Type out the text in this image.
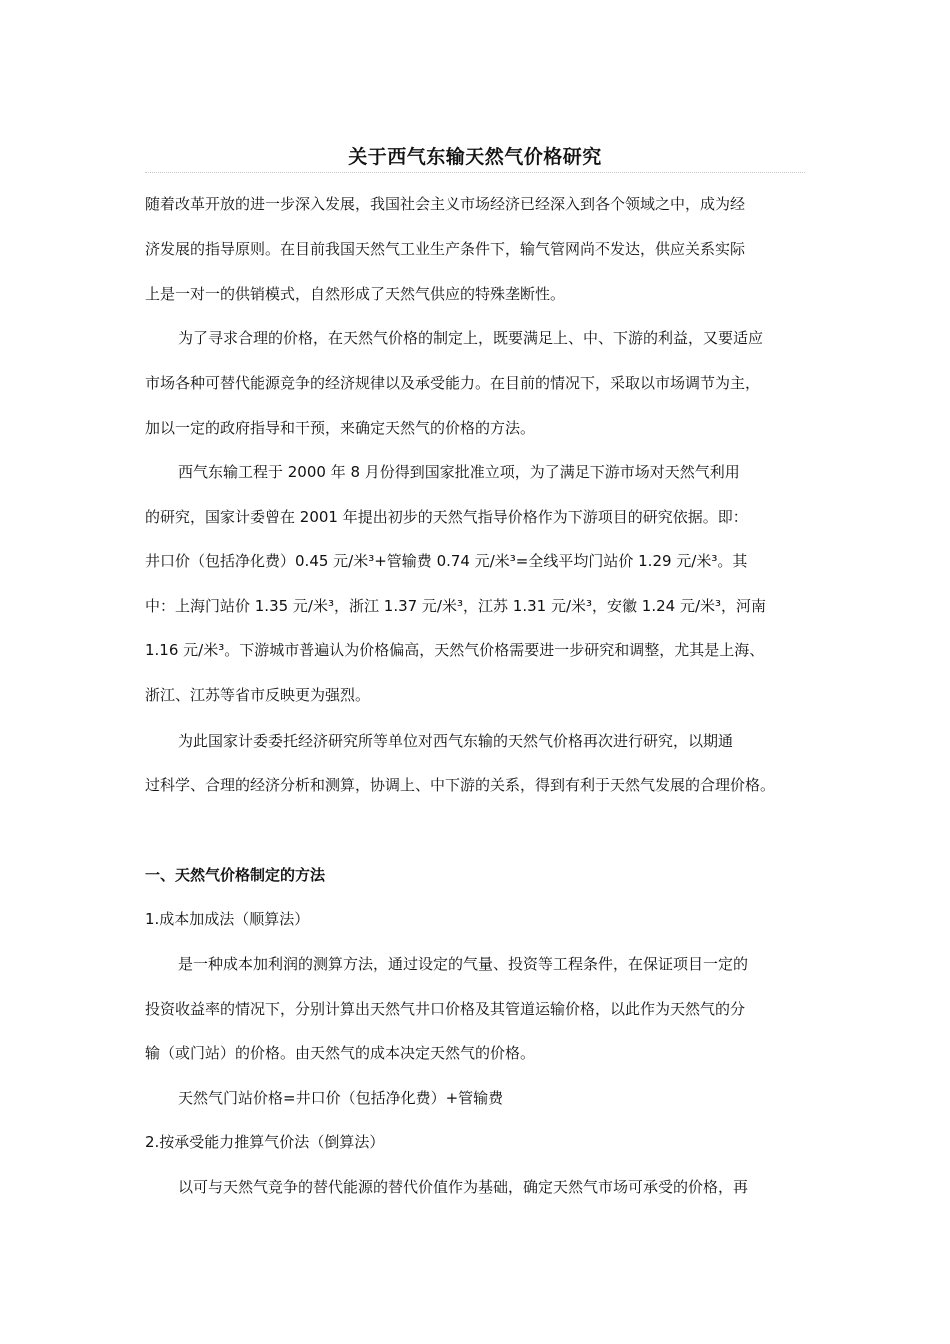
关于西气东输天然气价格研究
随着改革开放的进一步深入发展，我国社会主义市场经济已经深入到各个领域之中，成为经
济发展的指导原则。在目前我国天然气工业生产条件下，输气管网尚不发达，供应关系实际
上是一对一的供销模式，自然形成了天然气供应的特殊垄断性。
为了寻求合理的价格，在天然气价格的制定上，既要满足上、中、下游的利益，又要适应
市场各种可替代能源竞争的经济规律以及承受能力。在目前的情况下，采取以市场调节为主，
加以一定的政府指导和干预，来确定天然气的价格的方法。
西气东输工程于 2000 年 8 月份得到国家批准立项，为了满足下游市场对天然气利用
的研究，国家计委曾在 2001 年提出初步的天然气指导价格作为下游项目的研究依据。即：
井口价（包括净化费）0.45 元/米³+管输费 0.74 元/米³=全线平均门站价 1.29 元/米³。其
中：上海门站价 1.35 元/米³，浙江 1.37 元/米³，江苏 1.31 元/米³，安徽 1.24 元/米³，河南
1.16 元/米³。下游城市普遍认为价格偏高，天然气价格需要进一步研究和调整，尤其是上海、
浙江、江苏等省市反映更为强烈。
为此国家计委委托经济研究所等单位对西气东输的天然气价格再次进行研究，以期通
过科学、合理的经济分析和测算，协调上、中下游的关系，得到有利于天然气发展的合理价格。
一、天然气价格制定的方法
1.成本加成法（顺算法）
是一种成本加利润的测算方法，通过设定的气量、投资等工程条件，在保证项目一定的
投资收益率的情况下，分别计算出天然气井口价格及其管道运输价格，以此作为天然气的分
输（或门站）的价格。由天然气的成本决定天然气的价格。
天然气门站价格=井口价（包括净化费）+管输费
2.按承受能力推算气价法（倒算法）
以可与天然气竞争的替代能源的替代价值作为基础，确定天然气市场可承受的价格，再
